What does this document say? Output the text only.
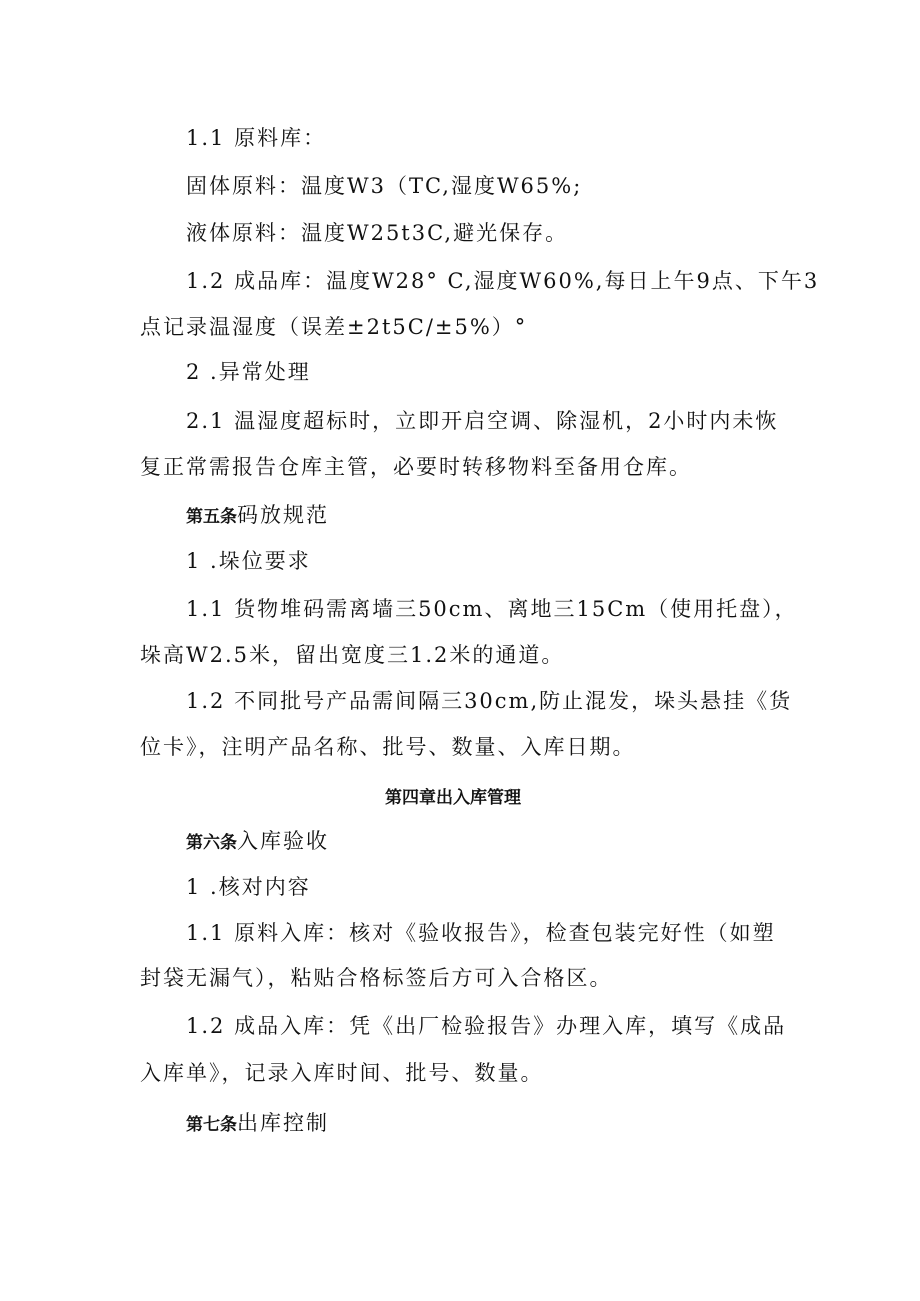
1.1 原料库：
固体原料：温度W3（TC,湿度W65%;
液体原料：温度W25t3C,避光保存。
1.2 成品库：温度W28° C,湿度W60%,每日上午9点、下午3
点记录温湿度（误差±2t5C/±5%）°
2 .异常处理
2.1 温湿度超标时，立即开启空调、除湿机，2小时内未恢
复正常需报告仓库主管，必要时转移物料至备用仓库。
第五条码放规范
1 .垛位要求
1.1 货物堆码需离墙三50cm、离地三15Cm（使用托盘），
垛高W2.5米，留出宽度三1.2米的通道。
1.2 不同批号产品需间隔三30cm,防止混发，垛头悬挂《货
位卡》，注明产品名称、批号、数量、入库日期。
第四章出入库管理
第六条入库验收
1 .核对内容
1.1 原料入库：核对《验收报告》，检查包装完好性（如塑
封袋无漏气），粘贴合格标签后方可入合格区。
1.2 成品入库：凭《出厂检验报告》办理入库，填写《成品
入库单》，记录入库时间、批号、数量。
第七条出库控制
